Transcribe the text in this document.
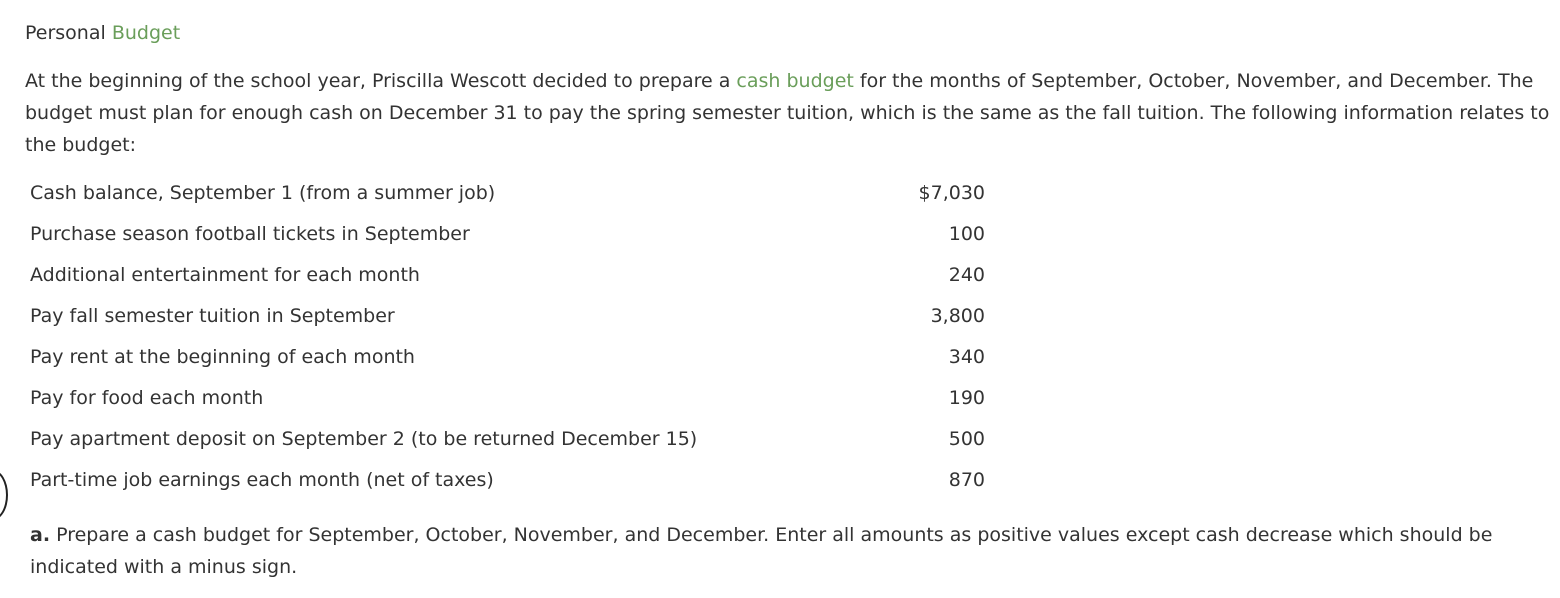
Personal Budget

At the beginning of the school year, Priscilla Wescott decided to prepare a cash budget for the months of September, October, November, and December. The budget must plan for enough cash on December 31 to pay the spring semester tuition, which is the same as the fall tuition. The following information relates to the budget:

Cash balance, September 1 (from a summer job)	$7,030
Purchase season football tickets in September	100
Additional entertainment for each month	240
Pay fall semester tuition in September	3,800
Pay rent at the beginning of each month	340
Pay for food each month	190
Pay apartment deposit on September 2 (to be returned December 15)	500
Part-time job earnings each month (net of taxes)	870

a. Prepare a cash budget for September, October, November, and December. Enter all amounts as positive values except cash decrease which should be indicated with a minus sign.
